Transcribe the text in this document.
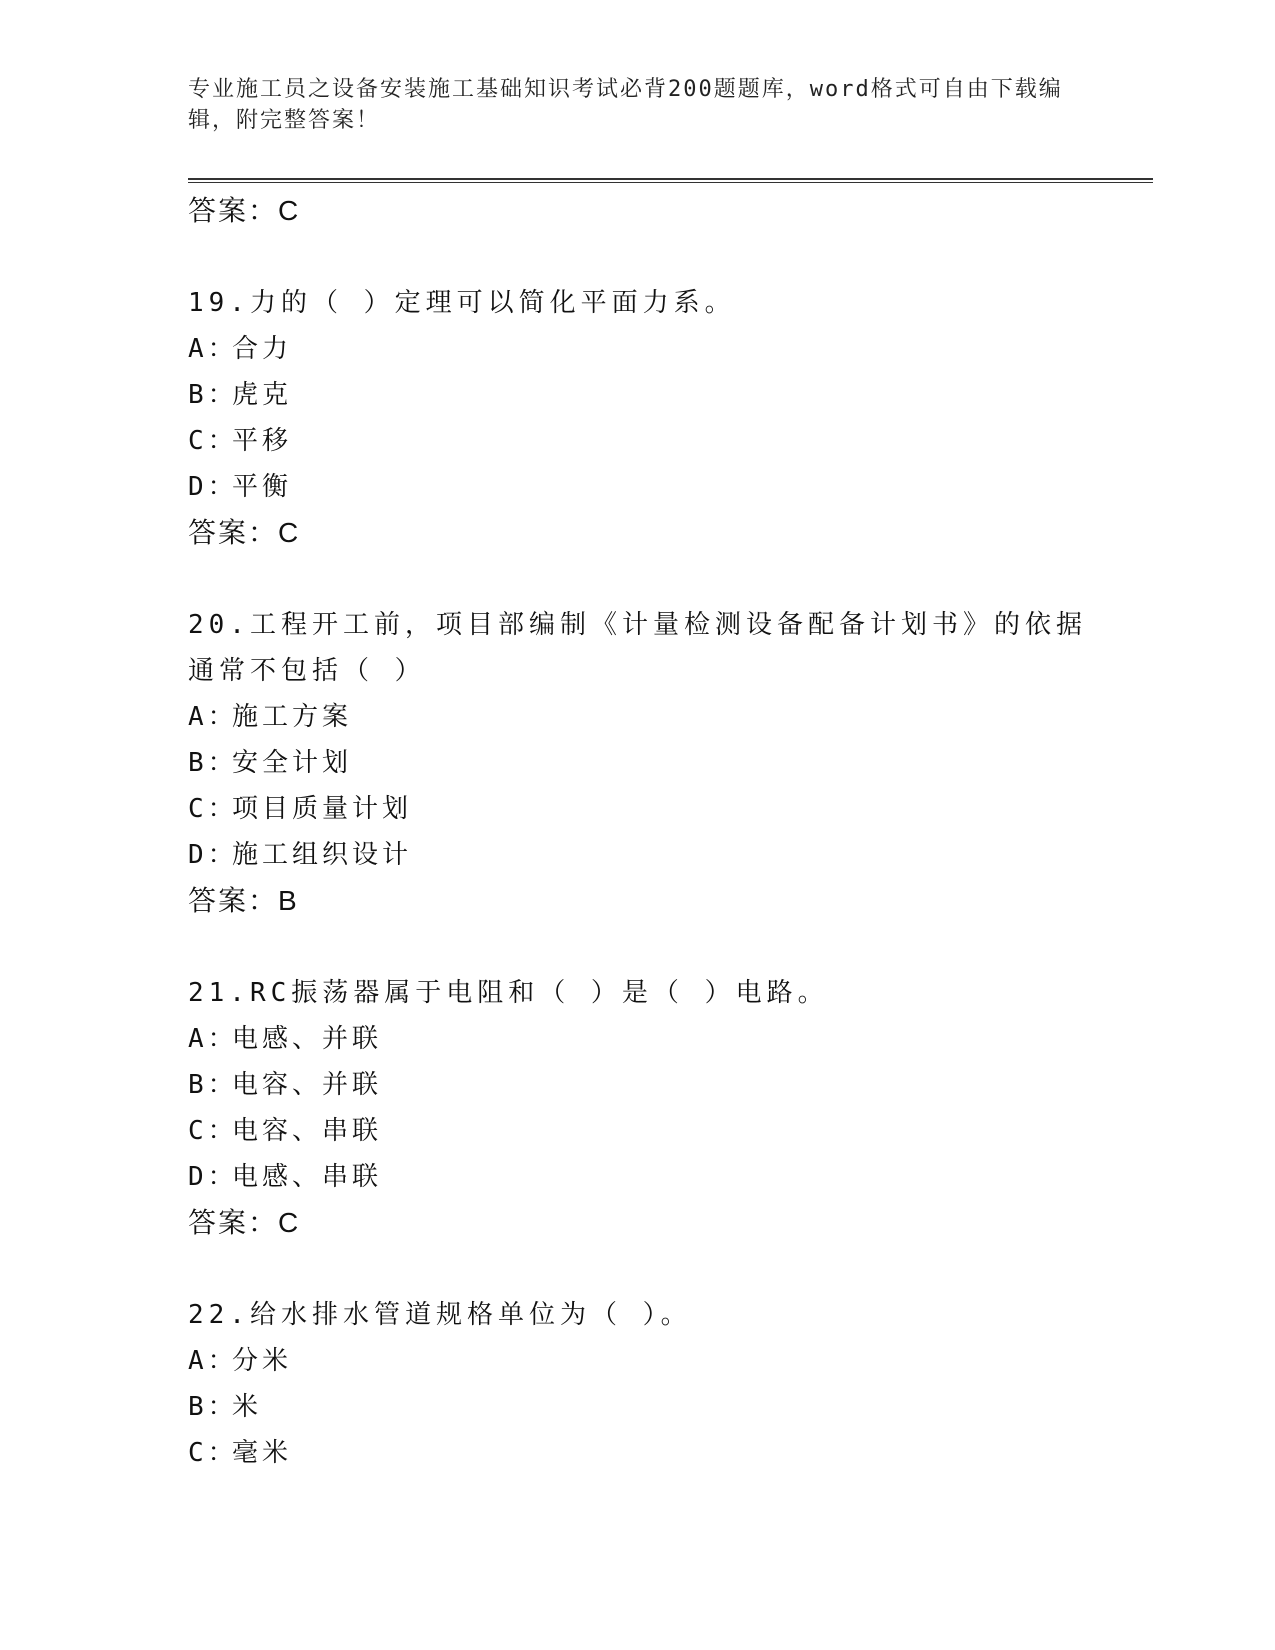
专业施工员之设备安装施工基础知识考试必背200题题库，word格式可自由下载编辑，附完整答案！
答案：C
19.力的（ ）定理可以简化平面力系。
A：
合力
B：
虎克
C：
平移
D：
平衡
答案：C
20.工程开工前，项目部编制《计量检测设备配备计划书》的依据通常不包括（ ）
A：
施工方案
B：
安全计划
C：
项目质量计划
D：
施工组织设计
答案：B
21.RC振荡器属于电阻和（ ）是（ ）电路。
A：
电感、并联
B：
电容、并联
C：
电容、串联
D：
电感、串联
答案：C
22.给水排水管道规格单位为（ ）。
A：
分米
B：
米
C：
毫米
